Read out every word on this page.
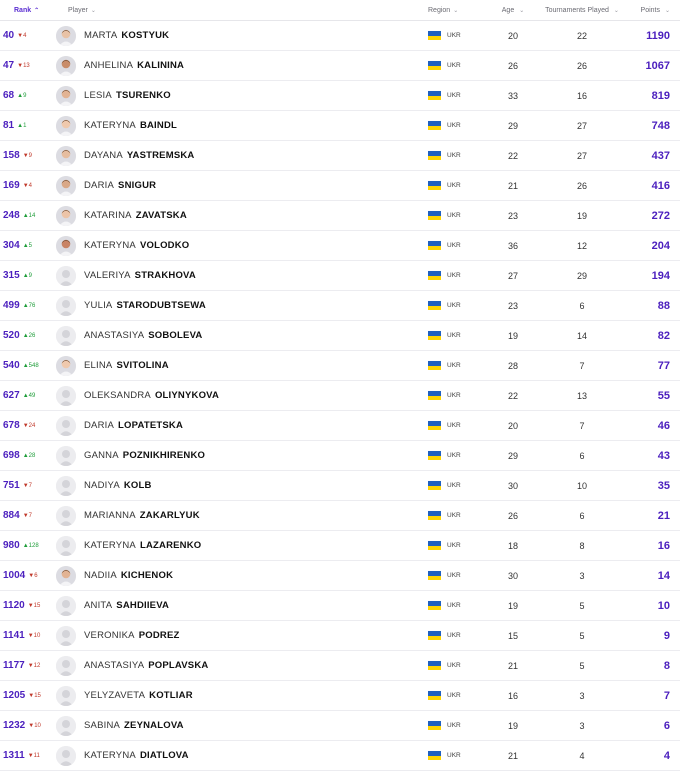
Rank ⌃	Player ⌄	Region ⌄	Age ⌄	Tournaments Played ⌄	Points ⌄
40 ▼ 4	MARTA KOSTYUK	UKR	20	22	1190
47 ▼ 13	ANHELINA KALININA	UKR	26	26	1067
68 ▲ 9	LESIA TSURENKO	UKR	33	16	819
81 ▲ 1	KATERYNA BAINDL	UKR	29	27	748
158 ▼ 9	DAYANA YASTREMSKA	UKR	22	27	437
169 ▼ 4	DARIA SNIGUR	UKR	21	26	416
248 ▲ 14	KATARINA ZAVATSKA	UKR	23	19	272
304 ▲ 5	KATERYNA VOLODKO	UKR	36	12	204
315 ▲ 9	VALERIYA STRAKHOVA	UKR	27	29	194
499 ▲ 76	YULIA STARODUBTSEWA	UKR	23	6	88
520 ▲ 26	ANASTASIYA SOBOLEVA	UKR	19	14	82
540 ▲ 548	ELINA SVITOLINA	UKR	28	7	77
627 ▲ 49	OLEKSANDRA OLIYNYKOVA	UKR	22	13	55
678 ▼ 24	DARIA LOPATETSKA	UKR	20	7	46
698 ▲ 28	GANNA POZNIKHIRENKO	UKR	29	6	43
751 ▼ 7	NADIYA KOLB	UKR	30	10	35
884 ▼ 7	MARIANNA ZAKARLYUK	UKR	26	6	21
980 ▲ 128	KATERYNA LAZARENKO	UKR	18	8	16
1004 ▼ 6	NADIIA KICHENOK	UKR	30	3	14
1120 ▼ 15	ANITA SAHDIIEVA	UKR	19	5	10
1141 ▼ 10	VERONIKA PODREZ	UKR	15	5	9
1177 ▼ 12	ANASTASIYA POPLAVSKA	UKR	21	5	8
1205 ▼ 15	YELYZAVETA KOTLIAR	UKR	16	3	7
1232 ▼ 10	SABINA ZEYNALOVA	UKR	19	3	6
1311 ▼ 11	KATERYNA DIATLOVA	UKR	21	4	4
